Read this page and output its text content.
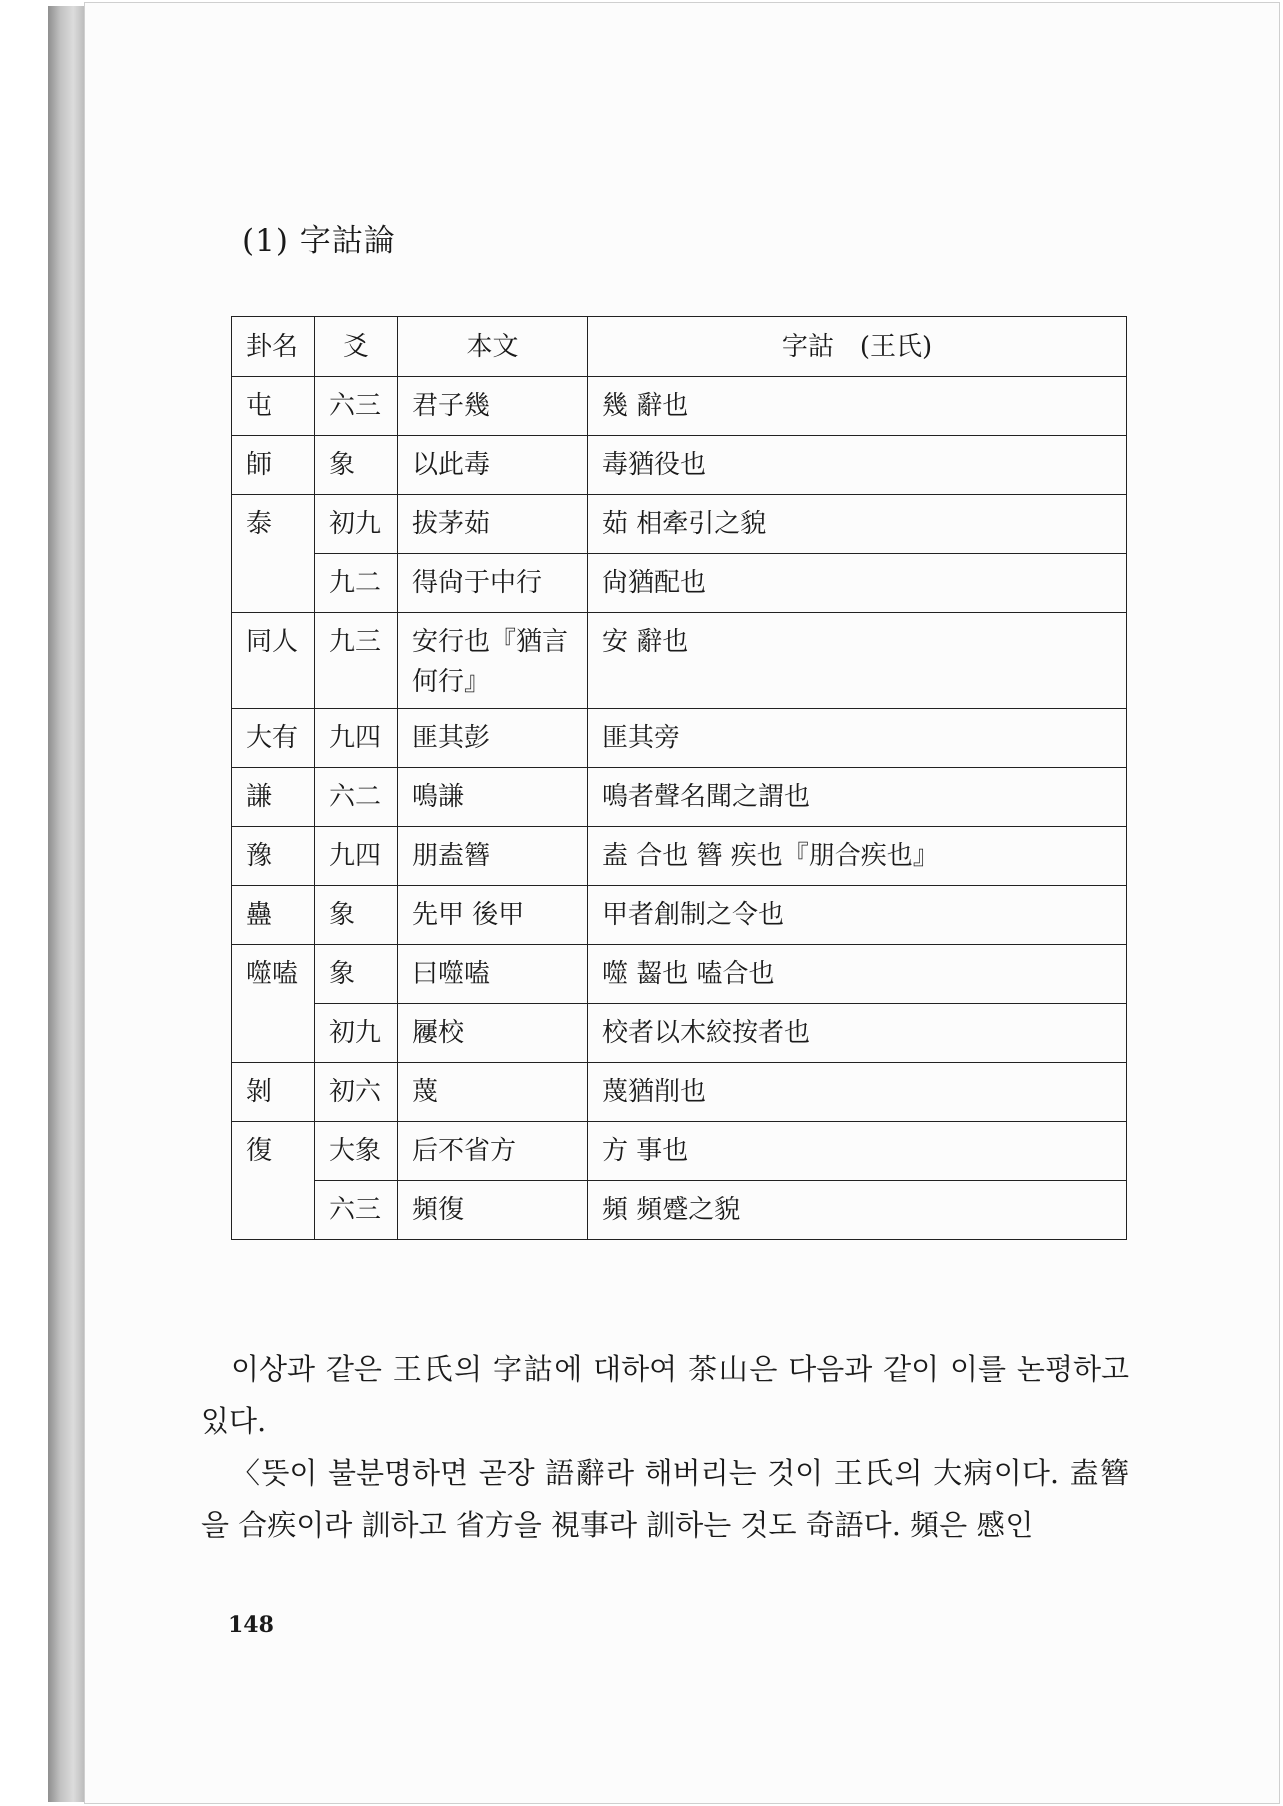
(1) 字詁論
卦名	爻	本文	字詁　(王氏)
屯	六三	君子幾	幾 辭也
師	象	以此毒	毒猶役也
泰	初九	拔茅茹	茹 相牽引之貌
	九二	得尙于中行	尙猶配也
同人	九三	安行也『猶言何行』	安 辭也
大有	九四	匪其彭	匪其旁
謙	六二	鳴謙	鳴者聲名聞之謂也
豫	九四	朋盍簪	盍 合也 簪 疾也『朋合疾也』
蠱	象	先甲 後甲	甲者創制之令也
噬嗑	象	曰噬嗑	噬 齧也 嗑合也
	初九	屨校	校者以木絞按者也
剝	初六	蔑	蔑猶削也
復	大象	后不省方	方 事也
	六三	頻復	頻 頻蹙之貌

이상과 같은 王氏의 字詁에 대하여 茶山은 다음과 같이 이를 논평하고 있다.

〈뜻이 불분명하면 곧장 語辭라 해버리는 것이 王氏의 大病이다. 盍簪을 合疾이라 訓하고 省方을 視事라 訓하는 것도 奇語다. 頻은 慼인

148
